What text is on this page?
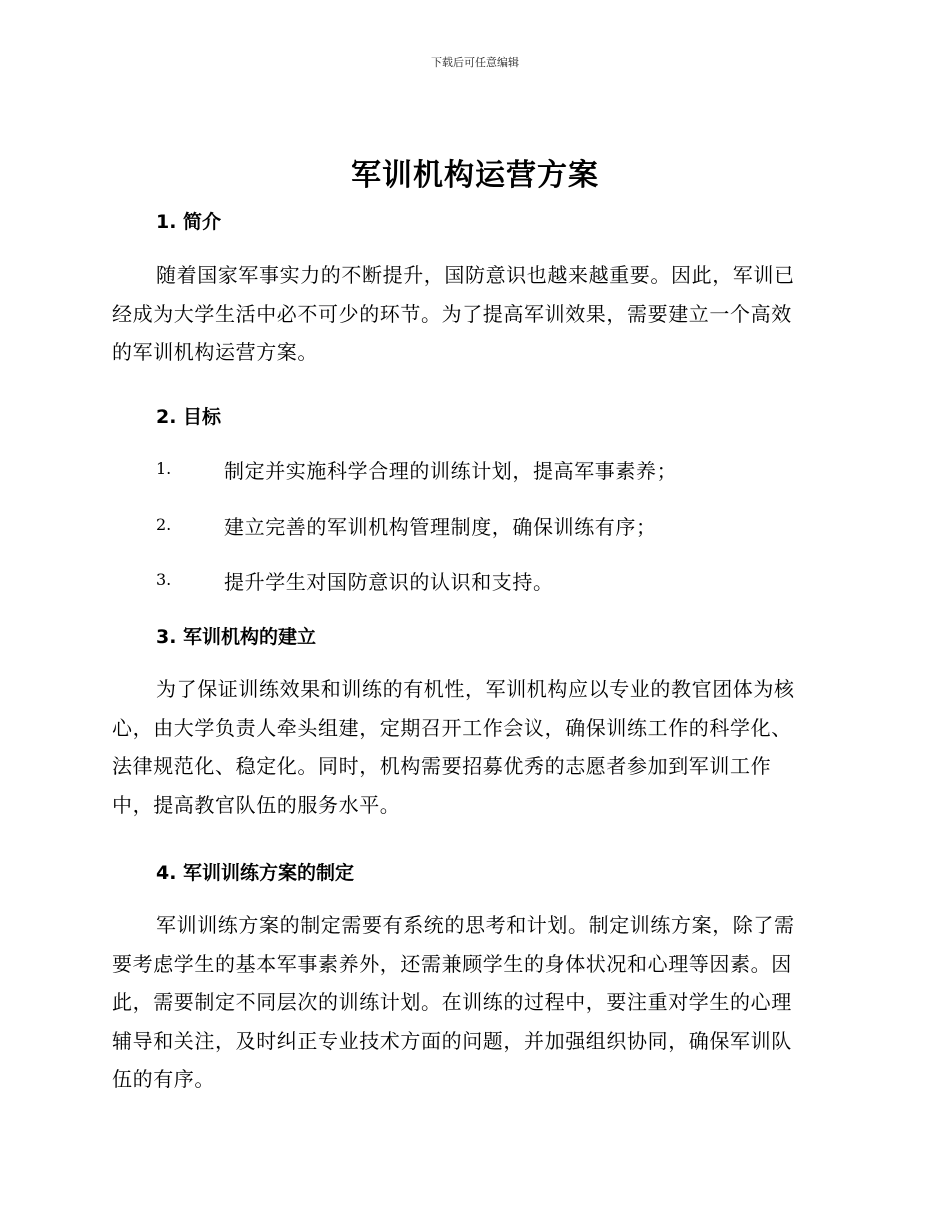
下载后可任意编辑
军训机构运营方案
1. 简介
随着国家军事实力的不断提升，国防意识也越来越重要。因此，军训已
经成为大学生活中必不可少的环节。为了提高军训效果，需要建立一个高效
的军训机构运营方案。
2. 目标
1.	制定并实施科学合理的训练计划，提高军事素养；
2.	建立完善的军训机构管理制度，确保训练有序；
3.	提升学生对国防意识的认识和支持。
3. 军训机构的建立
为了保证训练效果和训练的有机性，军训机构应以专业的教官团体为核
心，由大学负责人牵头组建，定期召开工作会议，确保训练工作的科学化、
法律规范化、稳定化。同时，机构需要招募优秀的志愿者参加到军训工作
中，提高教官队伍的服务水平。
4. 军训训练方案的制定
军训训练方案的制定需要有系统的思考和计划。制定训练方案，除了需
要考虑学生的基本军事素养外，还需兼顾学生的身体状况和心理等因素。因
此，需要制定不同层次的训练计划。在训练的过程中，要注重对学生的心理
辅导和关注，及时纠正专业技术方面的问题，并加强组织协同，确保军训队
伍的有序。
